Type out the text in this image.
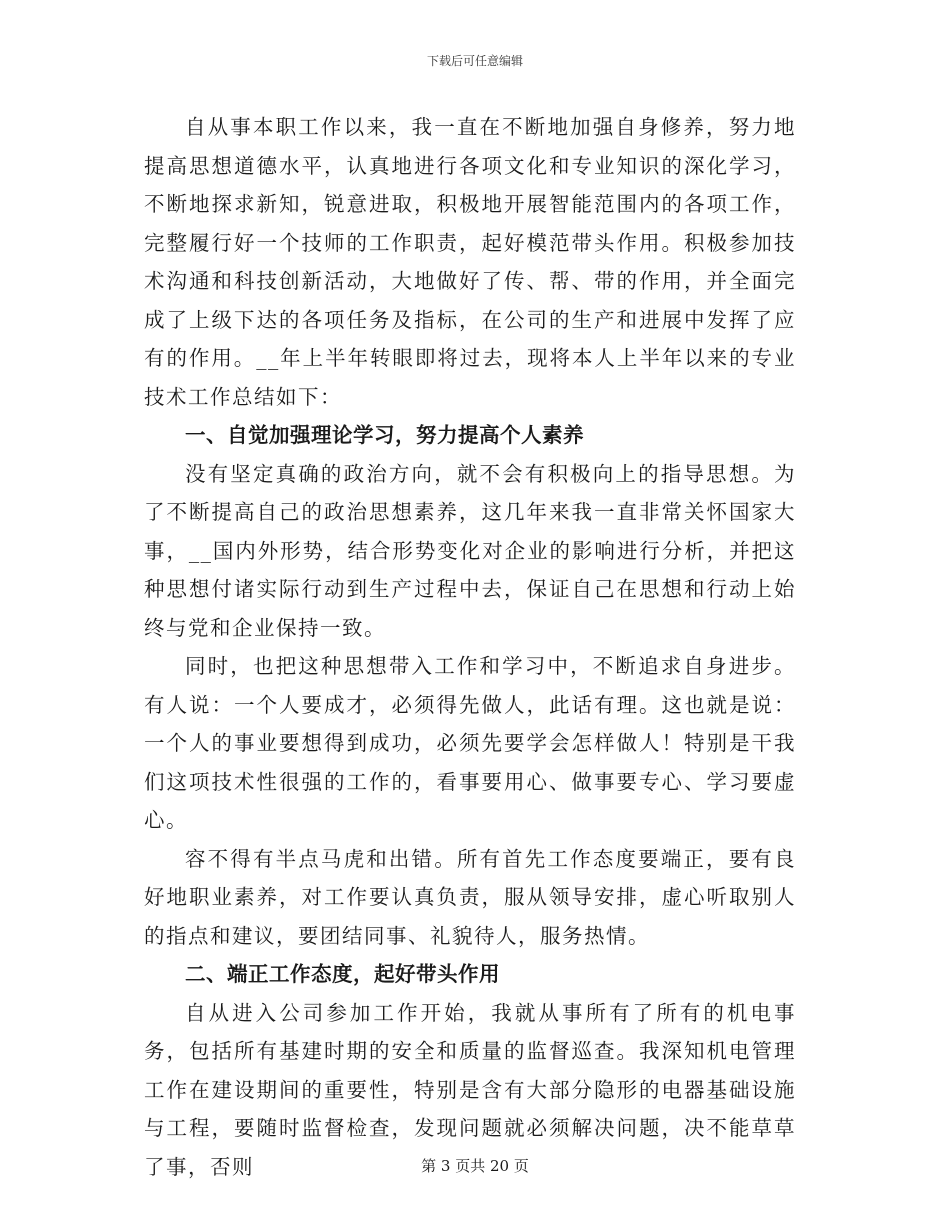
下载后可任意编辑

自从事本职工作以来，我一直在不断地加强自身修养，努力地提高思想道德水平，认真地进行各项文化和专业知识的深化学习，不断地探求新知，锐意进取，积极地开展智能范围内的各项工作，完整履行好一个技师的工作职责，起好模范带头作用。积极参加技术沟通和科技创新活动，大地做好了传、帮、带的作用，并全面完成了上级下达的各项任务及指标，在公司的生产和进展中发挥了应有的作用。__年上半年转眼即将过去，现将本人上半年以来的专业技术工作总结如下：

一、自觉加强理论学习，努力提高个人素养

没有坚定真确的政治方向，就不会有积极向上的指导思想。为了不断提高自己的政治思想素养，这几年来我一直非常关怀国家大事，__国内外形势，结合形势变化对企业的影响进行分析，并把这种思想付诸实际行动到生产过程中去，保证自己在思想和行动上始终与党和企业保持一致。

同时，也把这种思想带入工作和学习中，不断追求自身进步。有人说：一个人要成才，必须得先做人，此话有理。这也就是说：一个人的事业要想得到成功，必须先要学会怎样做人！特别是干我们这项技术性很强的工作的，看事要用心、做事要专心、学习要虚心。

容不得有半点马虎和出错。所有首先工作态度要端正，要有良好地职业素养，对工作要认真负责，服从领导安排，虚心听取别人的指点和建议，要团结同事、礼貌待人，服务热情。

二、端正工作态度，起好带头作用

自从进入公司参加工作开始，我就从事所有了所有的机电事务，包括所有基建时期的安全和质量的监督巡查。我深知机电管理工作在建设期间的重要性，特别是含有大部分隐形的电器基础设施与工程，要随时监督检查，发现问题就必须解决问题，决不能草草了事，否则	第 3 页共 20 页
